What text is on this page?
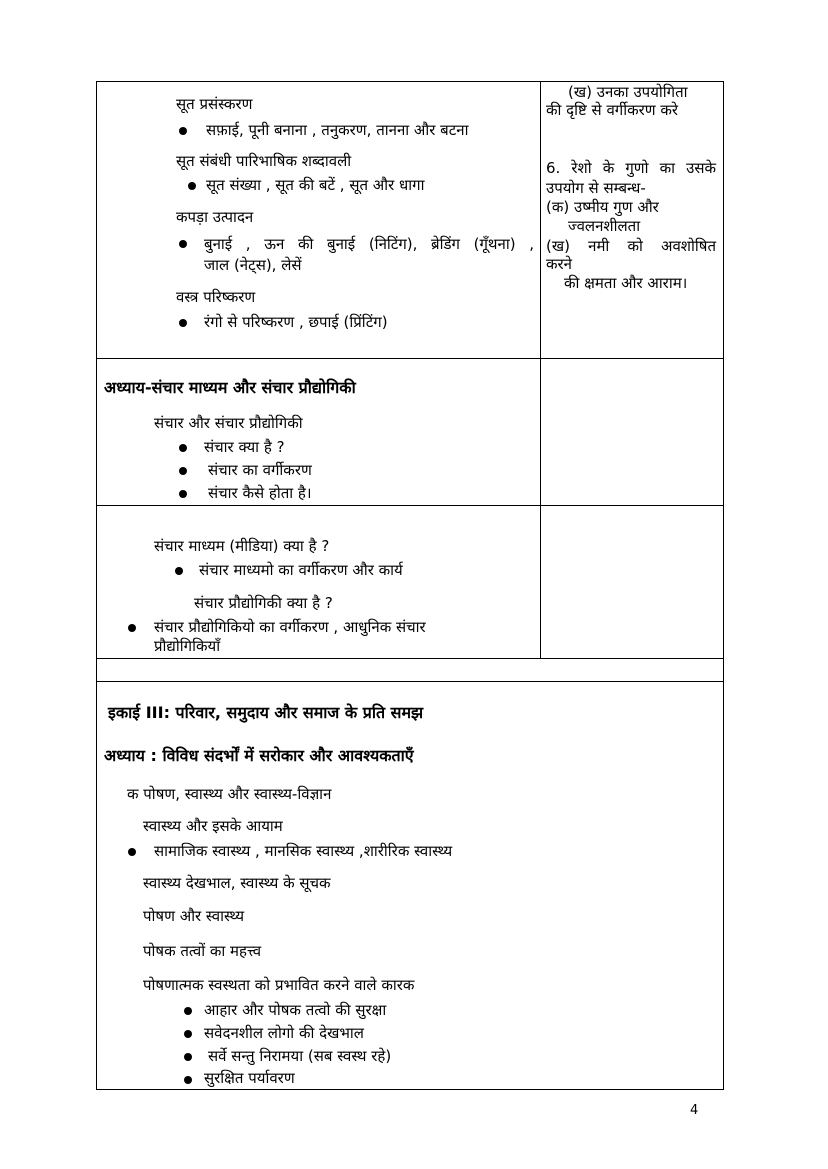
(ख) उनका उपयोगिता
की दृष्टि से वर्गीकरण करे
6. रेशो के गुणो का उसके
उपयोग से सम्बन्ध-
(क) उष्मीय गुण और
ज्वलनशीलता
(ख) नमी को अवशोषित
करने
की क्षमता और आराम।
सूत प्रसंस्करण
सफ़ाई, पूनी बनाना , तनुकरण, तानना और बटना
सूत संबंधी पारिभाषिक शब्दावली
सूत संख्या , सूत की बटें , सूत और धागा
कपड़ा उत्पादन
बुनाई , ऊन की बुनाई (निटिंग), ब्रेडिंग (गूँथना) ,
जाल (नेट्स), लेसें
वस्त्र परिष्करण
रंगो से परिष्करण , छपाई (प्रिंटिंग)
अध्याय-संचार माध्यम और संचार प्रौद्योगिकी
संचार और संचार प्रौद्योगिकी
संचार क्या है ?
संचार का वर्गीकरण
संचार कैसे होता है।
संचार माध्यम (मीडिया) क्या है ?
संचार माध्यमो का वर्गीकरण और कार्य
संचार प्रौद्योगिकी क्या है ?
संचार प्रौद्योगिकियो का वर्गीकरण , आधुनिक संचार
प्रौद्योगिकियाँ
इकाई III: परिवार, समुदाय और समाज के प्रति समझ
अध्याय : विविध संदर्भों में सरोकार और आवश्यकताएँ
क पोषण, स्वास्थ्य और स्वास्थ्य-विज्ञान
स्वास्थ्य और इसके आयाम
सामाजिक स्वास्थ्य , मानसिक स्वास्थ्य ,शारीरिक स्वास्थ्य
स्वास्थ्य देखभाल, स्वास्थ्य के सूचक
पोषण और स्वास्थ्य
पोषक तत्वों का महत्त्व
पोषणात्मक स्वस्थता को प्रभावित करने वाले कारक
आहार और पोषक तत्वो की सुरक्षा
सवेदनशील लोगो की देखभाल
सर्वे सन्तु निरामया (सब स्वस्थ रहे)
सुरक्षित पर्यावरण
4
